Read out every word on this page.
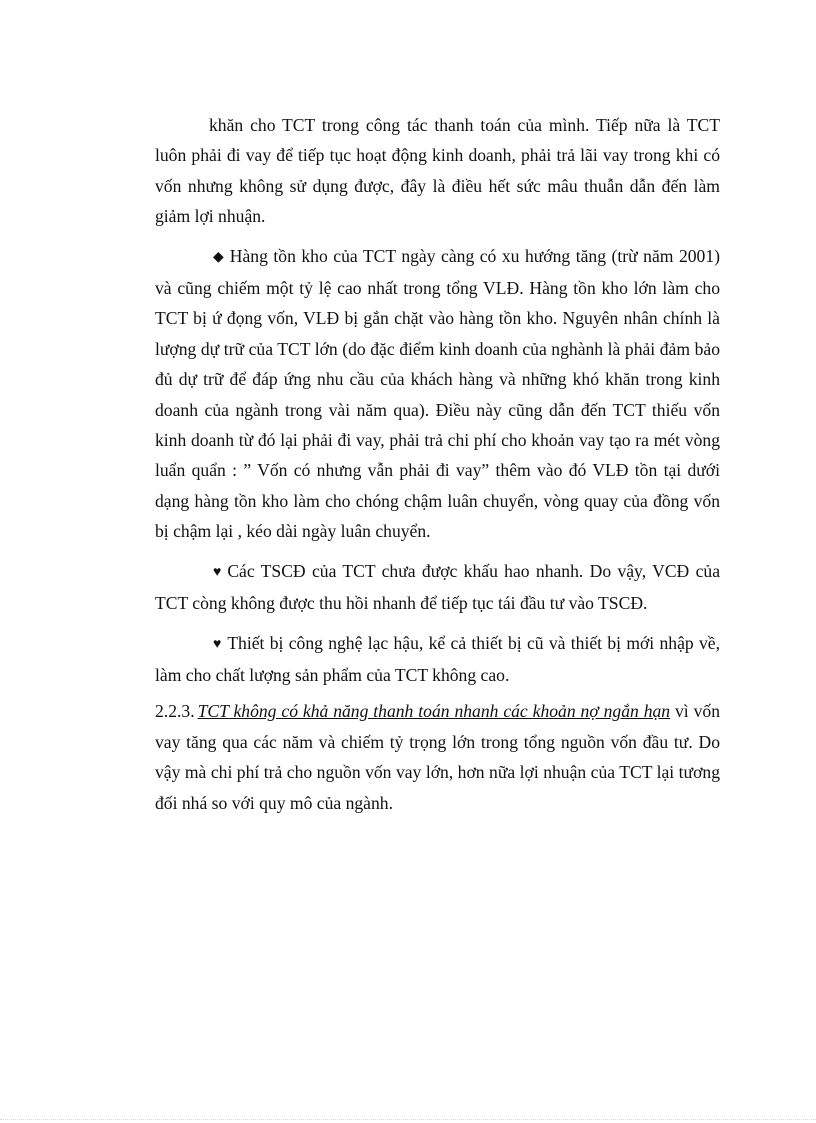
khăn cho TCT trong công tác thanh toán của mình. Tiếp nữa là TCT luôn phải đi vay để tiếp tục hoạt động kinh doanh, phải trả lãi vay trong khi có vốn nhưng không sử dụng được, đây là điều hết sức mâu thuẫn dẫn đến làm giảm lợi nhuận.

◆ Hàng tồn kho của TCT ngày càng có xu hướng tăng (trừ năm 2001) và cũng chiếm một tỷ lệ cao nhất trong tổng VLĐ. Hàng tồn kho lớn làm cho TCT bị ứ đọng vốn, VLĐ bị gắn chặt vào hàng tồn kho. Nguyên nhân chính là lượng dự trữ của TCT lớn (do đặc điểm kinh doanh của nghành là phải đảm bảo đủ dự trữ để đáp ứng nhu cầu của khách hàng và những khó khăn trong kinh doanh của ngành trong vài năm qua). Điều này cũng dẫn đến TCT thiếu vốn kinh doanh từ đó lại phải đi vay, phải trả chi phí cho khoản vay tạo ra mét vòng luẩn quẩn : ” Vốn có nhưng vẫn phải đi vay” thêm vào đó VLĐ tồn tại dưới dạng hàng tồn kho làm cho chóng chậm luân chuyển, vòng quay của đồng vốn bị chậm lại , kéo dài ngày luân chuyển.

♥ Các TSCĐ của TCT chưa được khấu hao nhanh. Do vậy, VCĐ của TCT còng không được thu hồi nhanh để tiếp tục tái đầu tư vào TSCĐ.

♥ Thiết bị công nghệ lạc hậu, kể cả thiết bị cũ và thiết bị mới nhập về, làm cho chất lượng sản phẩm của TCT không cao.

2.2.3. TCT không có khả năng thanh toán nhanh các khoản nợ ngắn hạn vì vốn vay tăng qua các năm và chiếm tỷ trọng lớn trong tổng nguồn vốn đầu tư. Do vậy mà chi phí trả cho nguồn vốn vay lớn, hơn nữa lợi nhuận của TCT lại tương đối nhá so với quy mô của ngành.
